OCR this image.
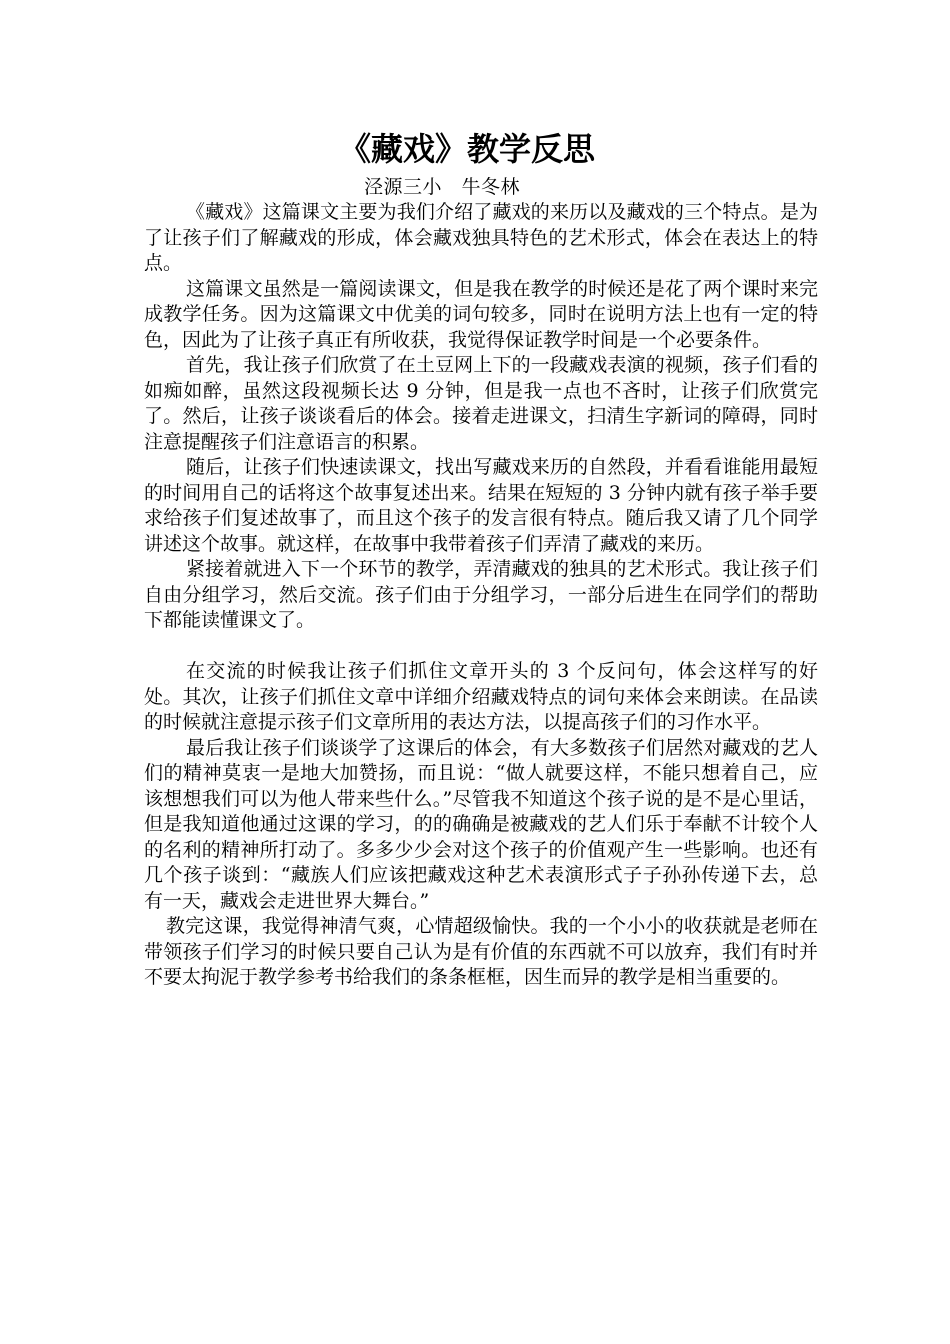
《藏戏》教学反思

泾源三小　牛冬林

《藏戏》这篇课文主要为我们介绍了藏戏的来历以及藏戏的三个特点。是为了让孩子们了解藏戏的形成，体会藏戏独具特色的艺术形式，体会在表达上的特点。

这篇课文虽然是一篇阅读课文，但是我在教学的时候还是花了两个课时来完成教学任务。因为这篇课文中优美的词句较多，同时在说明方法上也有一定的特色，因此为了让孩子真正有所收获，我觉得保证教学时间是一个必要条件。

首先，我让孩子们欣赏了在土豆网上下的一段藏戏表演的视频，孩子们看的如痴如醉，虽然这段视频长达 9 分钟，但是我一点也不吝时，让孩子们欣赏完了。然后，让孩子谈谈看后的体会。接着走进课文，扫清生字新词的障碍，同时注意提醒孩子们注意语言的积累。

随后，让孩子们快速读课文，找出写藏戏来历的自然段，并看看谁能用最短的时间用自己的话将这个故事复述出来。结果在短短的 3 分钟内就有孩子举手要求给孩子们复述故事了，而且这个孩子的发言很有特点。随后我又请了几个同学讲述这个故事。就这样，在故事中我带着孩子们弄清了藏戏的来历。

紧接着就进入下一个环节的教学，弄清藏戏的独具的艺术形式。我让孩子们自由分组学习，然后交流。孩子们由于分组学习，一部分后进生在同学们的帮助下都能读懂课文了。

在交流的时候我让孩子们抓住文章开头的 3 个反问句，体会这样写的好处。其次，让孩子们抓住文章中详细介绍藏戏特点的词句来体会来朗读。在品读的时候就注意提示孩子们文章所用的表达方法，以提高孩子们的习作水平。

最后我让孩子们谈谈学了这课后的体会，有大多数孩子们居然对藏戏的艺人们的精神莫衷一是地大加赞扬，而且说：“做人就要这样，不能只想着自己，应该想想我们可以为他人带来些什么。”尽管我不知道这个孩子说的是不是心里话，但是我知道他通过这课的学习，的的确确是被藏戏的艺人们乐于奉献不计较个人的名利的精神所打动了。多多少少会对这个孩子的价值观产生一些影响。也还有几个孩子谈到：“藏族人们应该把藏戏这种艺术表演形式子子孙孙传递下去，总有一天，藏戏会走进世界大舞台。”

教完这课，我觉得神清气爽，心情超级愉快。我的一个小小的收获就是老师在带领孩子们学习的时候只要自己认为是有价值的东西就不可以放弃，我们有时并不要太拘泥于教学参考书给我们的条条框框，因生而异的教学是相当重要的。
